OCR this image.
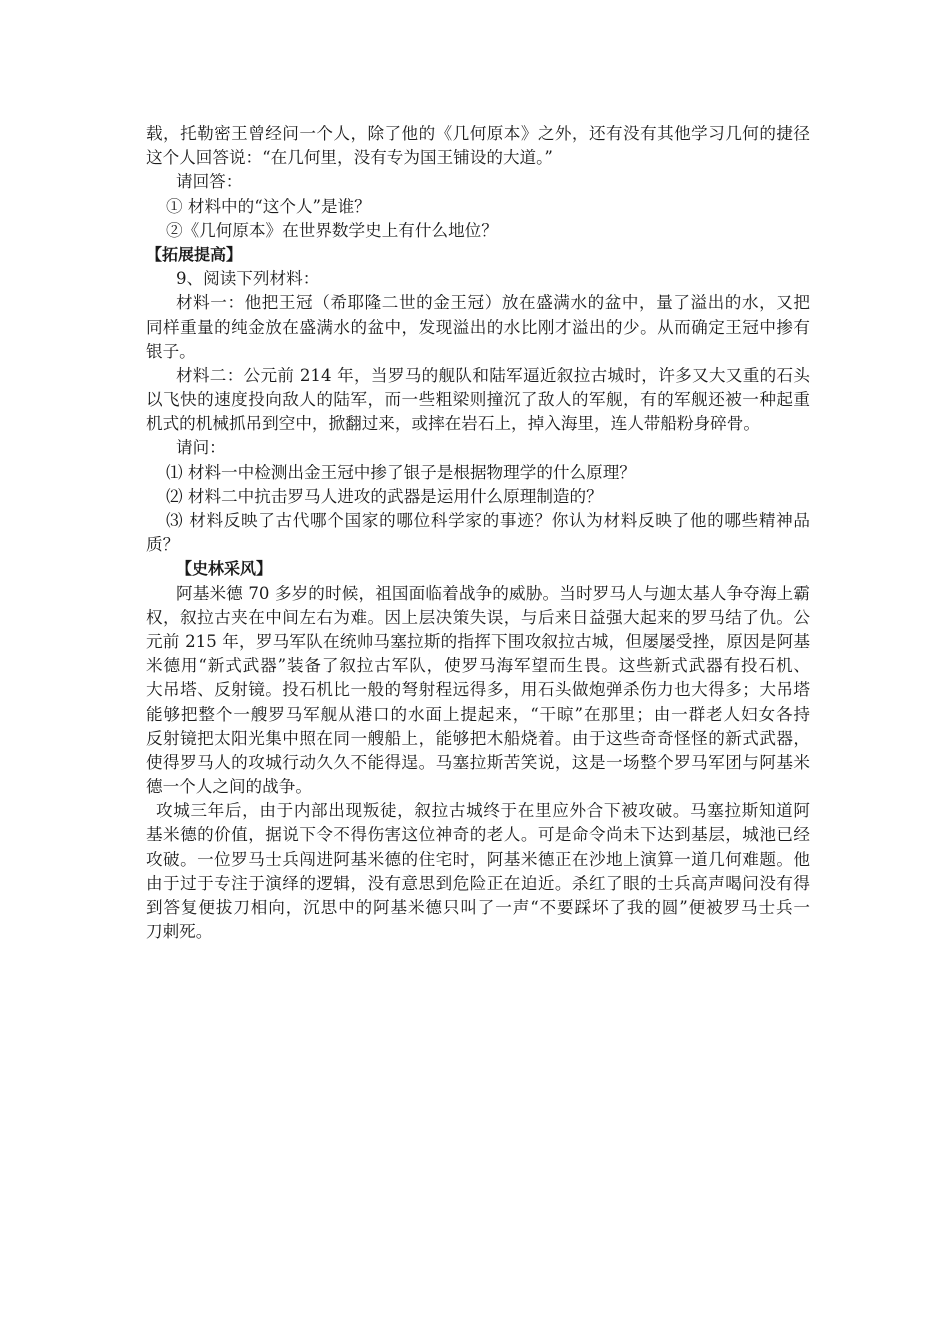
载，托勒密王曾经问一个人，除了他的《几何原本》之外，还有没有其他学习几何的捷径
这个人回答说：“在几何里，没有专为国王铺设的大道。”
请回答：
① 材料中的“这个人”是谁？
②《几何原本》在世界数学史上有什么地位？
【拓展提高】
9、阅读下列材料：
材料一：他把王冠（希耶隆二世的金王冠）放在盛满水的盆中，量了溢出的水，又把
同样重量的纯金放在盛满水的盆中，发现溢出的水比刚才溢出的少。从而确定王冠中掺有
银子。
材料二：公元前 214 年，当罗马的舰队和陆军逼近叙拉古城时，许多又大又重的石头
以飞快的速度投向敌人的陆军，而一些粗梁则撞沉了敌人的军舰，有的军舰还被一种起重
机式的机械抓吊到空中，掀翻过来，或摔在岩石上，掉入海里，连人带船粉身碎骨。
请问：
⑴ 材料一中检测出金王冠中掺了银子是根据物理学的什么原理？
⑵ 材料二中抗击罗马人进攻的武器是运用什么原理制造的？
⑶ 材料反映了古代哪个国家的哪位科学家的事迹？你认为材料反映了他的哪些精神品
质？
【史林采风】
阿基米德 70 多岁的时候，祖国面临着战争的威胁。当时罗马人与迦太基人争夺海上霸
权，叙拉古夹在中间左右为难。因上层决策失误，与后来日益强大起来的罗马结了仇。公
元前 215 年，罗马军队在统帅马塞拉斯的指挥下围攻叙拉古城，但屡屡受挫，原因是阿基
米德用“新式武器”装备了叙拉古军队，使罗马海军望而生畏。这些新式武器有投石机、
大吊塔、反射镜。投石机比一般的弩射程远得多，用石头做炮弹杀伤力也大得多；大吊塔
能够把整个一艘罗马军舰从港口的水面上提起来，“干晾”在那里；由一群老人妇女各持
反射镜把太阳光集中照在同一艘船上，能够把木船烧着。由于这些奇奇怪怪的新式武器，
使得罗马人的攻城行动久久不能得逞。马塞拉斯苦笑说，这是一场整个罗马军团与阿基米
德一个人之间的战争。
攻城三年后，由于内部出现叛徒，叙拉古城终于在里应外合下被攻破。马塞拉斯知道阿
基米德的价值，据说下令不得伤害这位神奇的老人。可是命令尚未下达到基层，城池已经
攻破。一位罗马士兵闯进阿基米德的住宅时，阿基米德正在沙地上演算一道几何难题。他
由于过于专注于演绎的逻辑，没有意思到危险正在迫近。杀红了眼的士兵高声喝问没有得
到答复便拔刀相向，沉思中的阿基米德只叫了一声“不要踩坏了我的圆”便被罗马士兵一
刀刺死。
